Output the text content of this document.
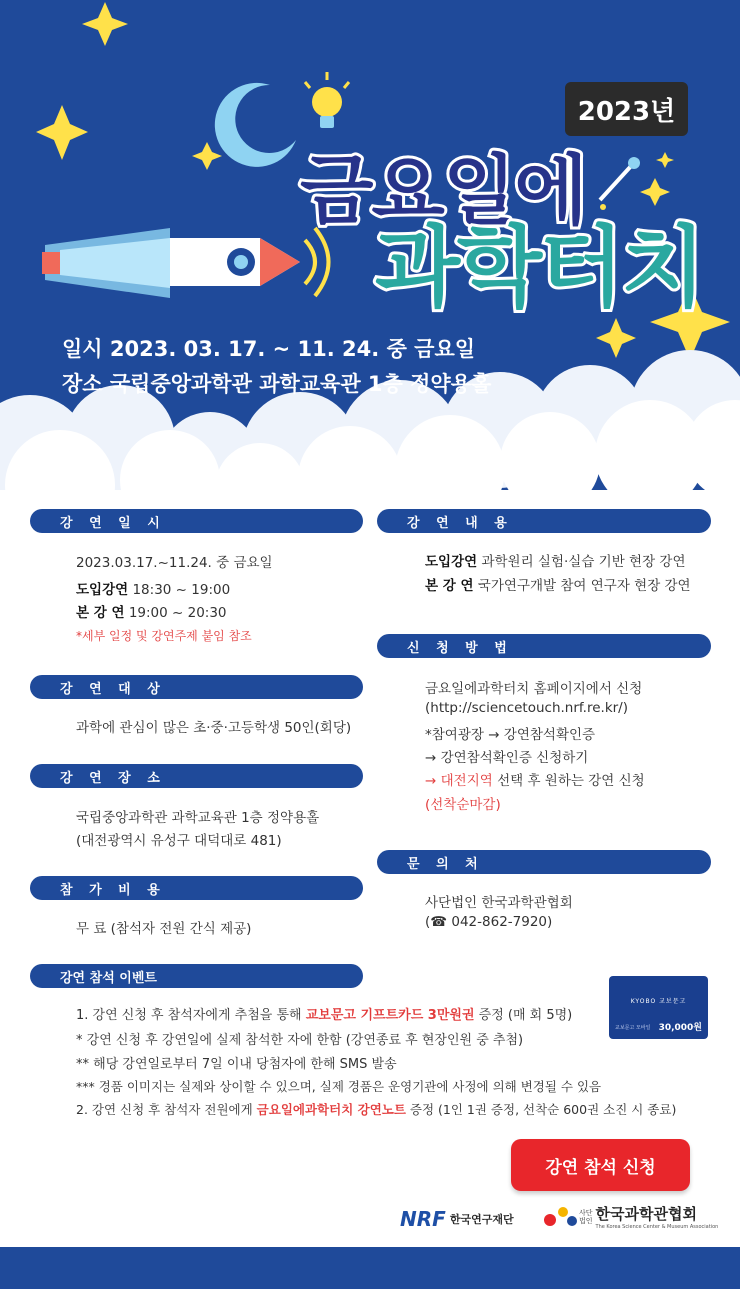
2023년
금요일에
과학터치
일시 2023. 03. 17. ~ 11. 24. 중 금요일
장소 국립중앙과학관 과학교육관 1층 정약용홀
강 연 일 시
2023.03.17.~11.24. 중 금요일
도입강연 18:30 ~ 19:00
본 강 연 19:00 ~ 20:30
*세부 일정 및 강연주제 붙임 참조
강 연 대 상
과학에 관심이 많은 초·중·고등학생 50인(회당)
강 연 장 소
국립중앙과학관 과학교육관 1층 정약용홀
(대전광역시 유성구 대덕대로 481)
참 가 비 용
무 료 (참석자 전원 간식 제공)
강 연 내 용
도입강연 과학원리 실험·실습 기반 현장 강연
본 강 연 국가연구개발 참여 연구자 현장 강연
신 청 방 법
금요일에과학터치 홈페이지에서 신청
(http://sciencetouch.nrf.re.kr/)
*참여광장 → 강연참석확인증
→ 강연참석확인증 신청하기
→ 대전지역 선택 후 원하는 강연 신청
(선착순마감)
문 의 처
사단법인 한국과학관협회
(☎ 042-862-7920)
강연 참석 이벤트
1. 강연 신청 후 참석자에게 추첨을 통해 교보문고 기프트카드 3만원권 증정 (매 회 5명)
* 강연 신청 후 강연일에 실제 참석한 자에 한함 (강연종료 후 현장인원 중 추첨)
** 해당 강연일로부터 7일 이내 당첨자에 한해 SMS 발송
*** 경품 이미지는 실제와 상이할 수 있으며, 실제 경품은 운영기관에 사정에 의해 변경될 수 있음
2. 강연 신청 후 참석자 전원에게 금요일에과학터치 강연노트 증정 (1인 1권 증정, 선착순 600권 소진 시 종료)
KYOBO 교보문고
교보문고 모바일 30,000원
강연 참석 신청
NRF 한국연구재단
사단
법인 한국과학관협회
The Korea Science Center & Museum Association
